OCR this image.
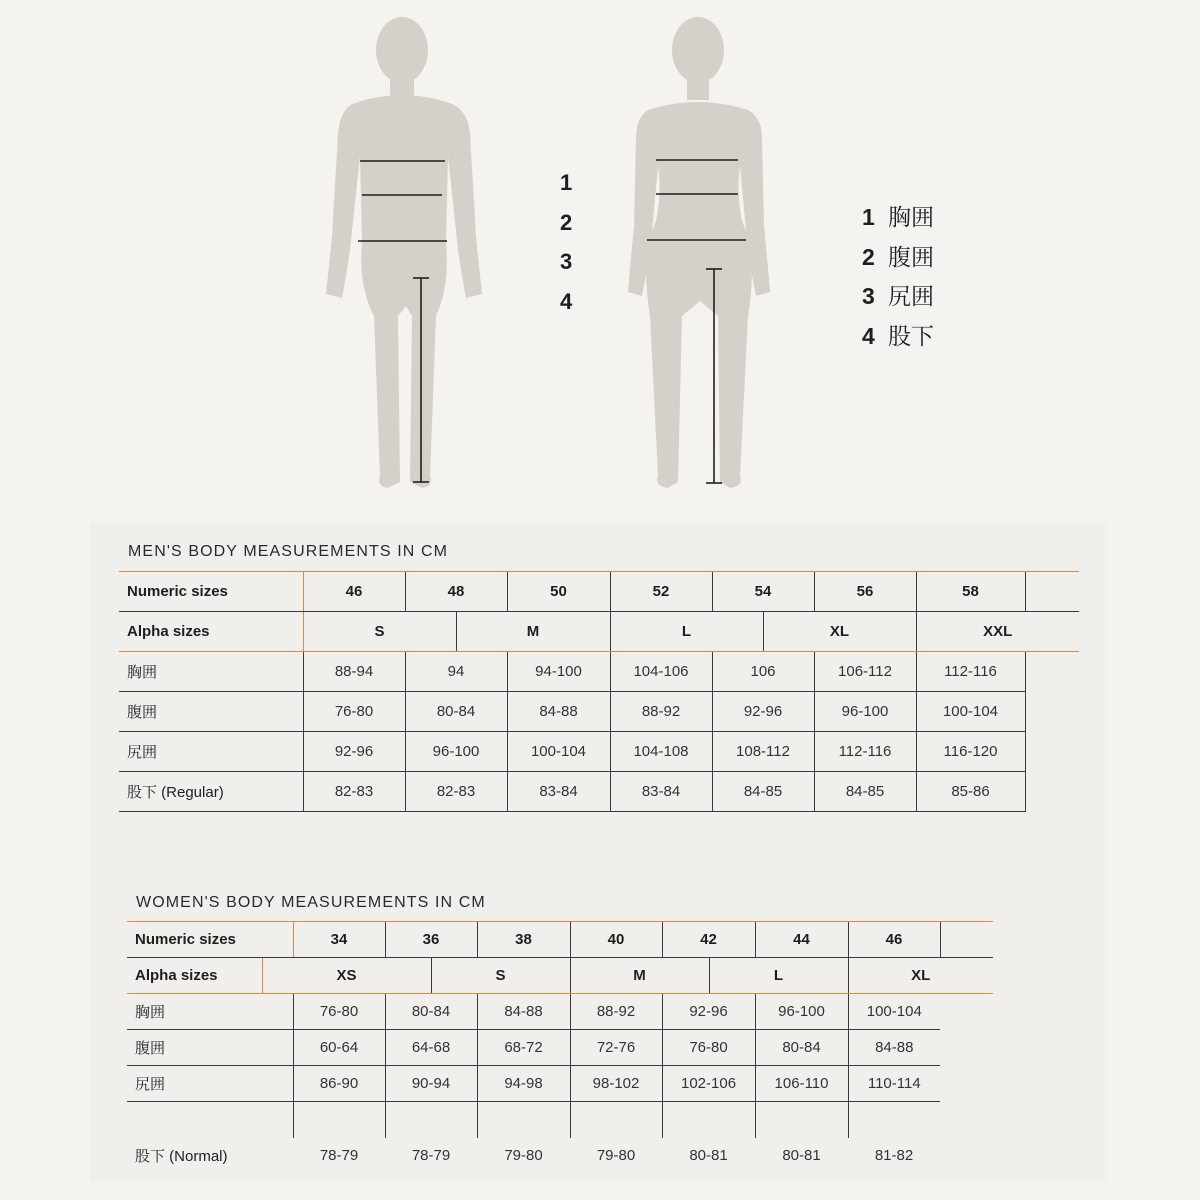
1
2
3
4
1 胸囲
2 腹囲
3 尻囲
4 股下
MEN'S BODY MEASUREMENTS IN CM
Numeric sizes	46	48		50	52	54		56	58	
Alpha sizes	S		M		L		XL		XXL	
胸囲	88-94	94		94-100	104-106	106		106-112	112-116	
腹囲	76-80	80-84		84-88	88-92	92-96		96-100	100-104	
尻囲	92-96	96-100		100-104	104-108	108-112		112-116	116-120	
股下 (Regular)	82-83	82-83		83-84	83-84	84-85		84-85	85-86	
WOMEN'S BODY MEASUREMENTS IN CM
Numeric sizes		34	36		38	40	42		44	46	
Alpha sizes	XS			S		M		L		XL	
胸囲		76-80	80-84		84-88	88-92	92-96		96-100	100-104	
腹囲		60-64	64-68		68-72	72-76	76-80		80-84	84-88	
尻囲		86-90	90-94		94-98	98-102	102-106		106-110	110-114	

股下 (Normal)		78-79	78-79		79-80	79-80	80-81		80-81	81-82	
